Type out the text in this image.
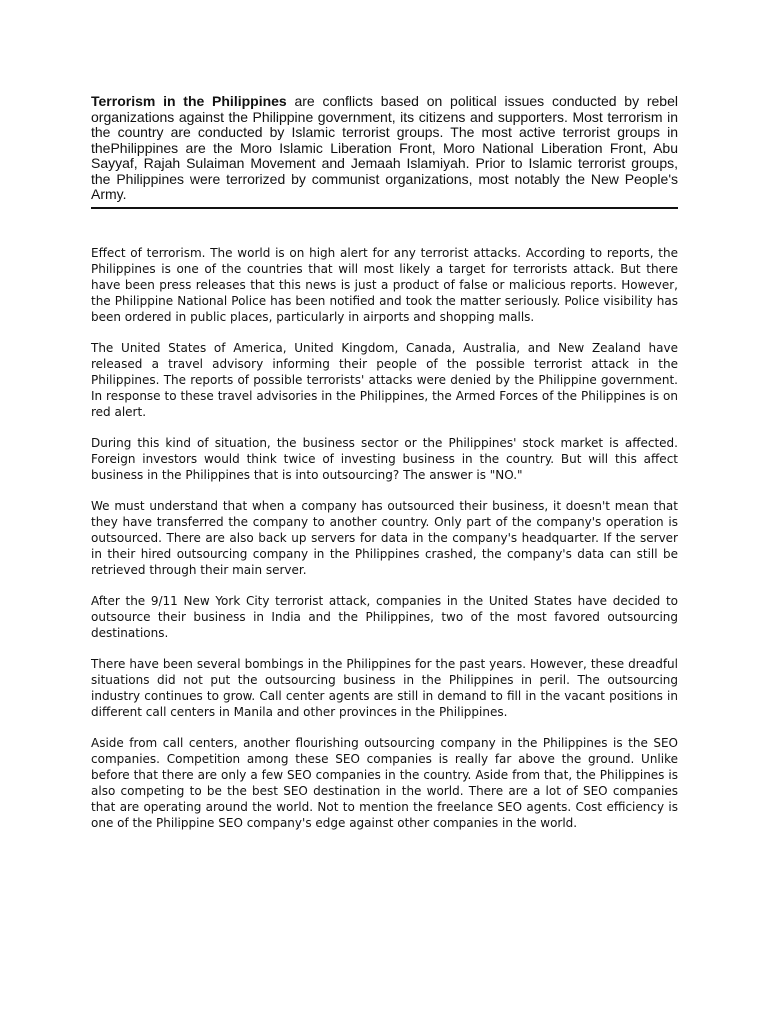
Terrorism in the Philippines are conflicts based on political issues conducted by rebel organizations against the Philippine government, its citizens and supporters. Most terrorism in the country are conducted by Islamic terrorist groups. The most active terrorist groups in thePhilippines are the Moro Islamic Liberation Front, Moro National Liberation Front, Abu Sayyaf, Rajah Sulaiman Movement and Jemaah Islamiyah. Prior to Islamic terrorist groups, the Philippines were terrorized by communist organizations, most notably the New People's Army.

Effect of terrorism. The world is on high alert for any terrorist attacks. According to reports, the Philippines is one of the countries that will most likely a target for terrorists attack. But there have been press releases that this news is just a product of false or malicious reports. However, the Philippine National Police has been notified and took the matter seriously. Police visibility has been ordered in public places, particularly in airports and shopping malls.

The United States of America, United Kingdom, Canada, Australia, and New Zealand have released a travel advisory informing their people of the possible terrorist attack in the Philippines. The reports of possible terrorists' attacks were denied by the Philippine government. In response to these travel advisories in the Philippines, the Armed Forces of the Philippines is on red alert.

During this kind of situation, the business sector or the Philippines' stock market is affected. Foreign investors would think twice of investing business in the country. But will this affect business in the Philippines that is into outsourcing? The answer is "NO."

We must understand that when a company has outsourced their business, it doesn't mean that they have transferred the company to another country. Only part of the company's operation is outsourced. There are also back up servers for data in the company's headquarter. If the server in their hired outsourcing company in the Philippines crashed, the company's data can still be retrieved through their main server.

After the 9/11 New York City terrorist attack, companies in the United States have decided to outsource their business in India and the Philippines, two of the most favored outsourcing destinations.

There have been several bombings in the Philippines for the past years. However, these dreadful situations did not put the outsourcing business in the Philippines in peril. The outsourcing industry continues to grow. Call center agents are still in demand to fill in the vacant positions in different call centers in Manila and other provinces in the Philippines.

Aside from call centers, another flourishing outsourcing company in the Philippines is the SEO companies. Competition among these SEO companies is really far above the ground. Unlike before that there are only a few SEO companies in the country. Aside from that, the Philippines is also competing to be the best SEO destination in the world. There are a lot of SEO companies that are operating around the world. Not to mention the freelance SEO agents. Cost efficiency is one of the Philippine SEO company's edge against other companies in the world.
